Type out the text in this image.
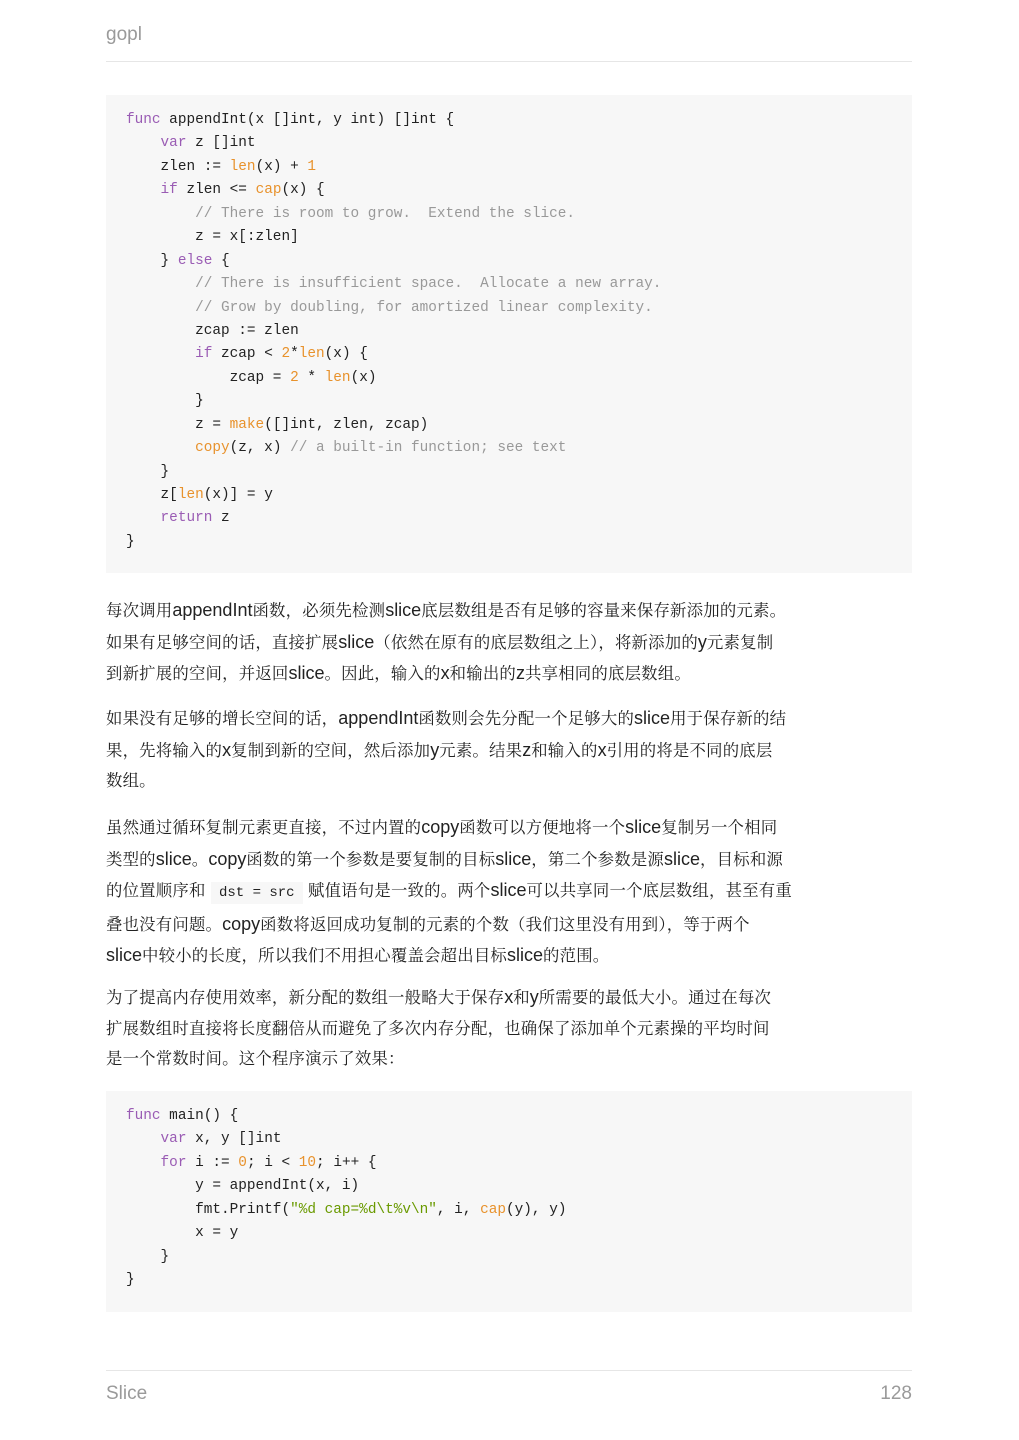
gopl
func appendInt(x []int, y int) []int {
var z []int
zlen := len(x) + 1
if zlen <= cap(x) {
// There is room to grow.  Extend the slice.
z = x[:zlen]
} else {
// There is insufficient space.  Allocate a new array.
// Grow by doubling, for amortized linear complexity.
zcap := zlen
if zcap < 2*len(x) {
zcap = 2 * len(x)
}
z = make([]int, zlen, zcap)
copy(z, x) // a built-in function; see text
}
z[len(x)] = y
return z
}
每次调用appendInt函数，必须先检测slice底层数组是否有足够的容量来保存新添加的元素。
如果有足够空间的话，直接扩展slice（依然在原有的底层数组之上），将新添加的y元素复制
到新扩展的空间，并返回slice。因此，输入的x和输出的z共享相同的底层数组。
如果没有足够的增长空间的话，appendInt函数则会先分配一个足够大的slice用于保存新的结
果，先将输入的x复制到新的空间，然后添加y元素。结果z和输入的x引用的将是不同的底层
数组。
虽然通过循环复制元素更直接，不过内置的copy函数可以方便地将一个slice复制另一个相同
类型的slice。copy函数的第一个参数是要复制的目标slice，第二个参数是源slice，目标和源
的位置顺序和 dst = src 赋值语句是一致的。两个slice可以共享同一个底层数组，甚至有重
叠也没有问题。copy函数将返回成功复制的元素的个数（我们这里没有用到），等于两个
slice中较小的长度，所以我们不用担心覆盖会超出目标slice的范围。
为了提高内存使用效率，新分配的数组一般略大于保存x和y所需要的最低大小。通过在每次
扩展数组时直接将长度翻倍从而避免了多次内存分配，也确保了添加单个元素操的平均时间
是一个常数时间。这个程序演示了效果：
func main() {
var x, y []int
for i := 0; i < 10; i++ {
y = appendInt(x, i)
fmt.Printf("%d cap=%d\t%v\n", i, cap(y), y)
x = y
}
}
Slice	128
